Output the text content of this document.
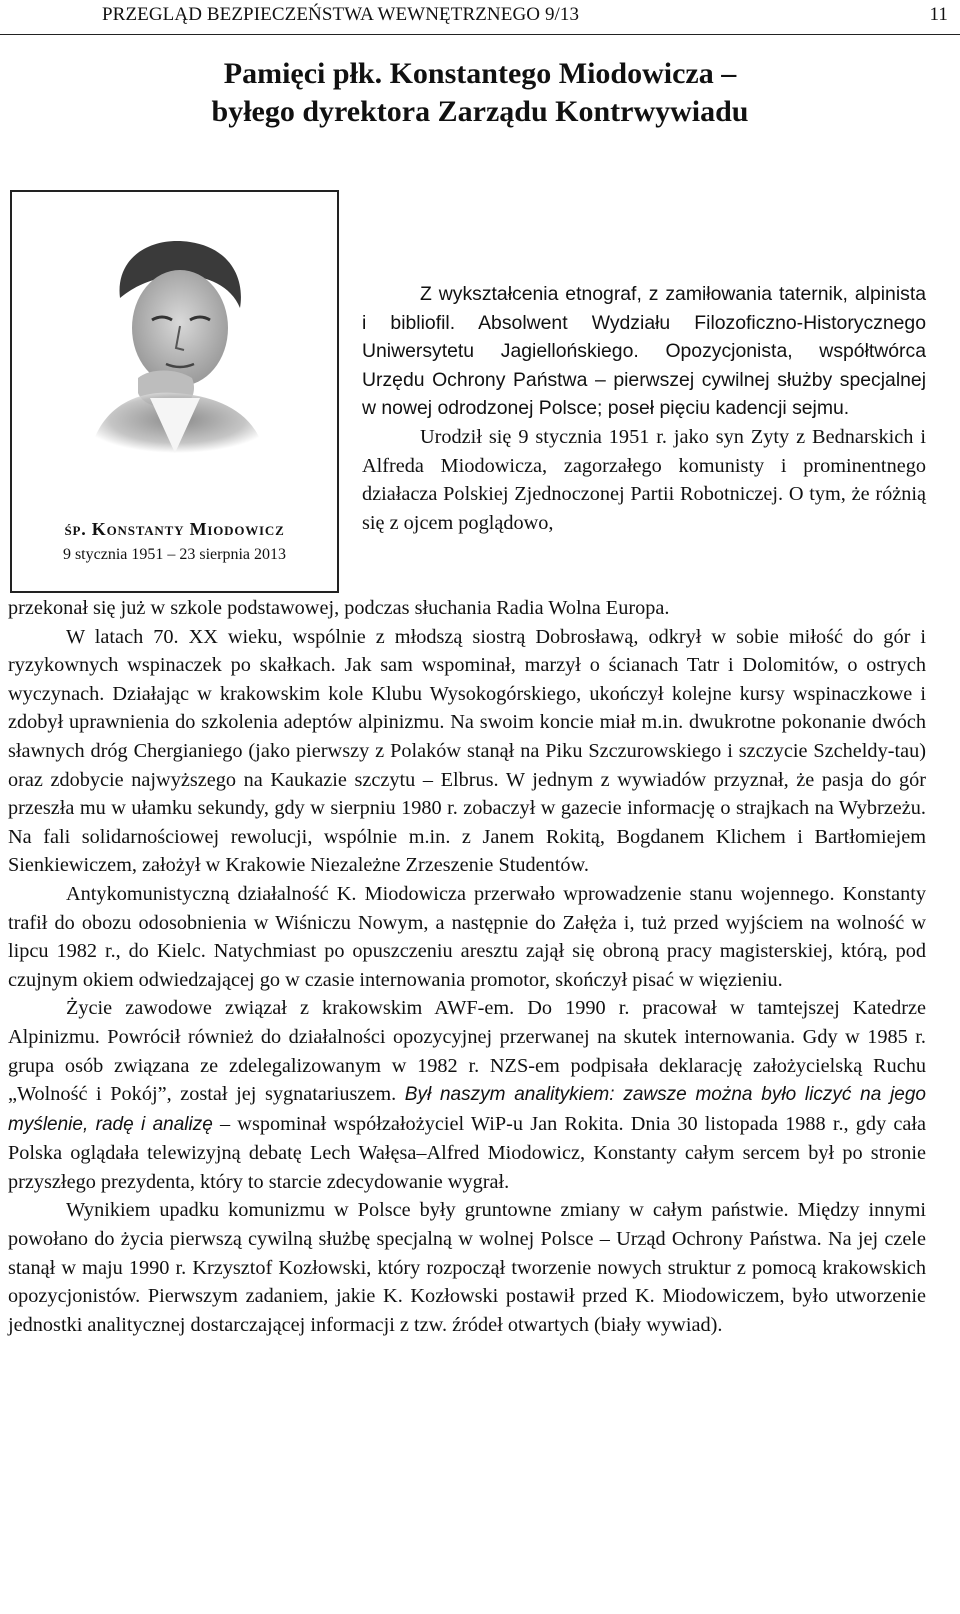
PRZEGLĄD BEZPIECZEŃSTWA WEWNĘTRZNEGO 9/13	11
Pamięci płk. Konstantego Miodowicza –
byłego dyrektora Zarządu Kontrwywiadu
śp. Konstanty Miodowicz
9 stycznia 1951 – 23 sierpnia 2013

Z wykształcenia etnograf, z zamiłowania taternik, alpinista i bibliofil. Absolwent Wydziału Filozoficzno-Historycznego Uniwersytetu Jagiellońskiego. Opozycjonista, współtwórca Urzędu Ochrony Państwa – pierwszej cywilnej służby specjalnej w nowej odrodzonej Polsce; poseł pięciu kadencji sejmu.

Urodził się 9 stycznia 1951 r. jako syn Zyty z Bednarskich i Alfreda Miodowicza, zagorzałego komunisty i prominentnego działacza Polskiej Zjednoczonej Partii Robotniczej. O tym, że różnią się z ojcem poglądowo,

przekonał się już w szkole podstawowej, podczas słuchania Radia Wolna Europa.

W latach 70. XX wieku, wspólnie z młodszą siostrą Dobrosławą, odkrył w sobie miłość do gór i ryzykownych wspinaczek po skałkach. Jak sam wspominał, marzył o ścianach Tatr i Dolomitów, o ostrych wyczynach. Działając w krakowskim kole Klubu Wysokogórskiego, ukończył kolejne kursy wspinaczkowe i zdobył uprawnienia do szkolenia adeptów alpinizmu. Na swoim koncie miał m.in. dwukrotne pokonanie dwóch sławnych dróg Chergianiego (jako pierwszy z Polaków stanął na Piku Szczurowskiego i szczycie Szcheldy-tau) oraz zdobycie najwyższego na Kaukazie szczytu – Elbrus. W jednym z wywiadów przyznał, że pasja do gór przeszła mu w ułamku sekundy, gdy w sierpniu 1980 r. zobaczył w gazecie informację o strajkach na Wybrzeżu. Na fali solidarnościowej rewolucji, wspólnie m.in. z Janem Rokitą, Bogdanem Klichem i Bartłomiejem Sienkiewiczem, założył w Krakowie Niezależne Zrzeszenie Studentów.

Antykomunistyczną działalność K. Miodowicza przerwało wprowadzenie stanu wojennego. Konstanty trafił do obozu odosobnienia w Wiśniczu Nowym, a następnie do Załęża i, tuż przed wyjściem na wolność w lipcu 1982 r., do Kielc. Natychmiast po opuszczeniu aresztu zajął się obroną pracy magisterskiej, którą, pod czujnym okiem odwiedzającej go w czasie internowania promotor, skończył pisać w więzieniu.

Życie zawodowe związał z krakowskim AWF-em. Do 1990 r. pracował w tamtejszej Katedrze Alpinizmu. Powrócił również do działalności opozycyjnej przerwanej na skutek internowania. Gdy w 1985 r. grupa osób związana ze zdelegalizowanym w 1982 r. NZS-em podpisała deklarację założycielską Ruchu „Wolność i Pokój”, został jej sygnatariuszem. Był naszym analitykiem: zawsze można było liczyć na jego myślenie, radę i analizę – wspominał współzałożyciel WiP-u Jan Rokita. Dnia 30 listopada 1988 r., gdy cała Polska oglądała telewizyjną debatę Lech Wałęsa–Alfred Miodowicz, Konstanty całym sercem był po stronie przyszłego prezydenta, który to starcie zdecydowanie wygrał.

Wynikiem upadku komunizmu w Polsce były gruntowne zmiany w całym państwie. Między innymi powołano do życia pierwszą cywilną służbę specjalną w wolnej Polsce – Urząd Ochrony Państwa. Na jej czele stanął w maju 1990 r. Krzysztof Kozłowski, który rozpoczął tworzenie nowych struktur z pomocą krakowskich opozycjonistów. Pierwszym zadaniem, jakie K. Kozłowski postawił przed K. Miodowiczem, było utworzenie jednostki analitycznej dostarczającej informacji z tzw. źródeł otwartych (biały wywiad).
